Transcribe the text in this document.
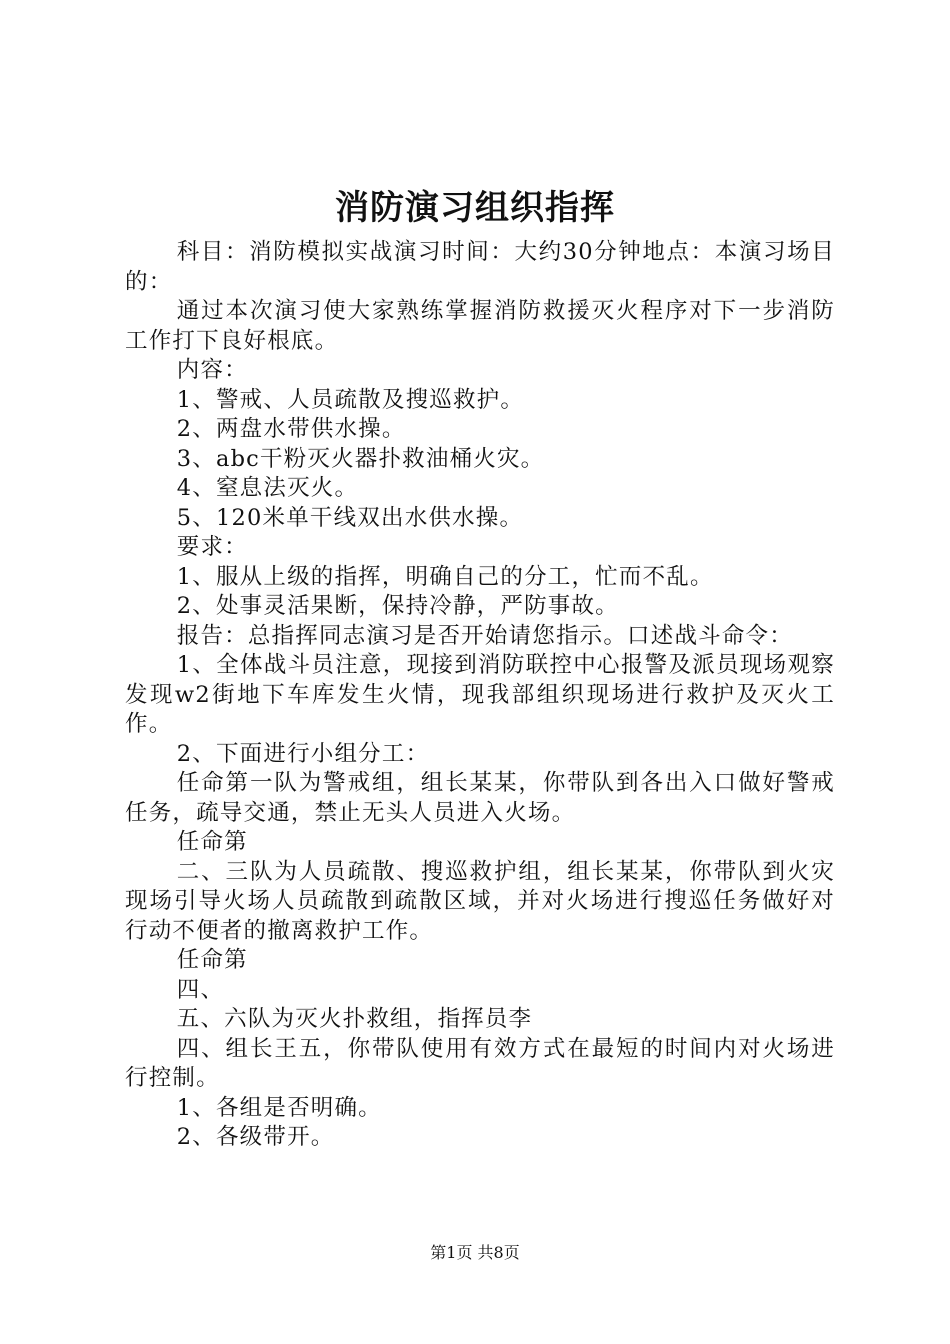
消防演习组织指挥

科目：消防模拟实战演习时间：大约30分钟地点：本演习场目的：

通过本次演习使大家熟练掌握消防救援灭火程序对下一步消防工作打下良好根底。

内容：

1、警戒、人员疏散及搜巡救护。

2、两盘水带供水操。

3、abc干粉灭火器扑救油桶火灾。

4、窒息法灭火。

5、120米单干线双出水供水操。

要求：

1、服从上级的指挥，明确自己的分工，忙而不乱。

2、处事灵活果断，保持冷静，严防事故。

报告：总指挥同志演习是否开始请您指示。口述战斗命令：

1、全体战斗员注意，现接到消防联控中心报警及派员现场观察发现w2街地下车库发生火情，现我部组织现场进行救护及灭火工作。

2、下面进行小组分工：

任命第一队为警戒组，组长某某，你带队到各出入口做好警戒任务，疏导交通，禁止无头人员进入火场。

任命第

二、三队为人员疏散、搜巡救护组，组长某某，你带队到火灾现场引导火场人员疏散到疏散区域，并对火场进行搜巡任务做好对行动不便者的撤离救护工作。

任命第

四、

五、六队为灭火扑救组，指挥员李

四、组长王五，你带队使用有效方式在最短的时间内对火场进行控制。

1、各组是否明确。

2、各级带开。

第1页 共8页
